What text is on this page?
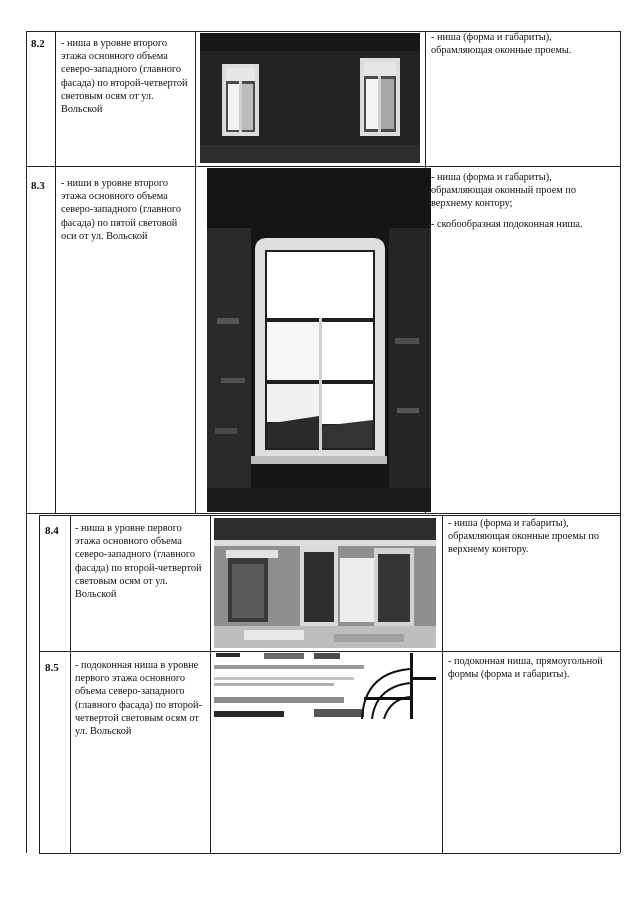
8.2 - ниша в уровне второго этажа основного объема северо-западного (главного фасада) по второй-четвертой световым осям от ул. Вольской

- ниша (форма и габариты), обрамляющая оконные проемы.

8.3 - ниши в уровне второго этажа основного объема северо-западного (главного фасада) по пятой световой оси от ул. Вольской

- ниша (форма и габариты), обрамляющая оконный проем по верхнему контору;

- скобообразная подоконная ниша.

8.4 - ниша в уровне первого этажа основного объема северо-западного (главного фасада) по второй-четвертой световым осям от ул. Вольской

- ниша (форма и габариты), обрамляющая оконные проемы по верхнему контору.

8.5 - подоконная ниша в уровне первого этажа основного объема северо-западного (главного фасада) по второй-четвертой световым осям от ул. Вольской

- подоконная ниша, прямоугольной формы (форма и габариты).
